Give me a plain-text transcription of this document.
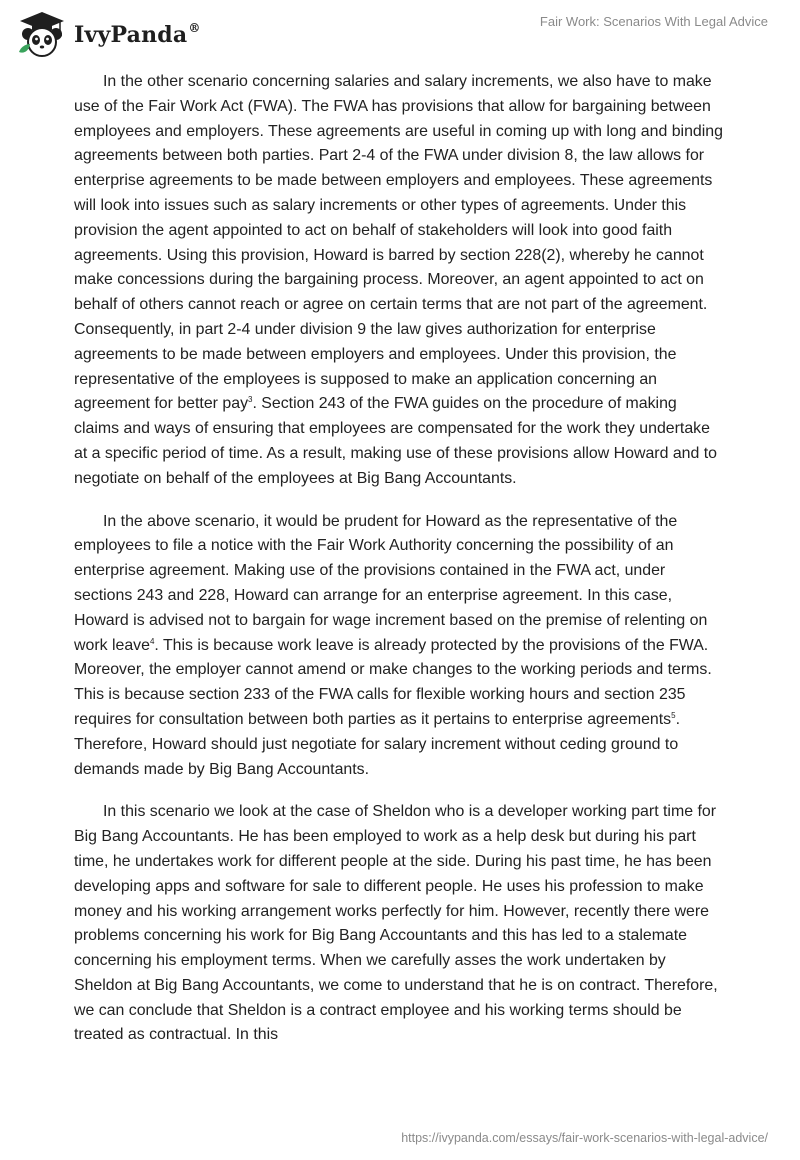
IvyPanda®	Fair Work: Scenarios With Legal Advice

In the other scenario concerning salaries and salary increments, we also have to make use of the Fair Work Act (FWA). The FWA has provisions that allow for bargaining between employees and employers. These agreements are useful in coming up with long and binding agreements between both parties. Part 2-4 of the FWA under division 8, the law allows for enterprise agreements to be made between employers and employees. These agreements will look into issues such as salary increments or other types of agreements. Under this provision the agent appointed to act on behalf of stakeholders will look into good faith agreements. Using this provision, Howard is barred by section 228(2), whereby he cannot make concessions during the bargaining process. Moreover, an agent appointed to act on behalf of others cannot reach or agree on certain terms that are not part of the agreement. Consequently, in part 2-4 under division 9 the law gives authorization for enterprise agreements to be made between employers and employees. Under this provision, the representative of the employees is supposed to make an application concerning an agreement for better pay$^3$. Section 243 of the FWA guides on the procedure of making claims and ways of ensuring that employees are compensated for the work they undertake at a specific period of time. As a result, making use of these provisions allow Howard and to negotiate on behalf of the employees at Big Bang Accountants.

In the above scenario, it would be prudent for Howard as the representative of the employees to file a notice with the Fair Work Authority concerning the possibility of an enterprise agreement. Making use of the provisions contained in the FWA act, under sections 243 and 228, Howard can arrange for an enterprise agreement. In this case, Howard is advised not to bargain for wage increment based on the premise of relenting on work leave$^4$. This is because work leave is already protected by the provisions of the FWA. Moreover, the employer cannot amend or make changes to the working periods and terms. This is because section 233 of the FWA calls for flexible working hours and section 235 requires for consultation between both parties as it pertains to enterprise agreements$^5$. Therefore, Howard should just negotiate for salary increment without ceding ground to demands made by Big Bang Accountants.

In this scenario we look at the case of Sheldon who is a developer working part time for Big Bang Accountants. He has been employed to work as a help desk but during his part time, he undertakes work for different people at the side. During his past time, he has been developing apps and software for sale to different people. He uses his profession to make money and his working arrangement works perfectly for him. However, recently there were problems concerning his work for Big Bang Accountants and this has led to a stalemate concerning his employment terms. When we carefully asses the work undertaken by Sheldon at Big Bang Accountants, we come to understand that he is on contract. Therefore, we can conclude that Sheldon is a contract employee and his working terms should be treated as contractual. In this

https://ivypanda.com/essays/fair-work-scenarios-with-legal-advice/
